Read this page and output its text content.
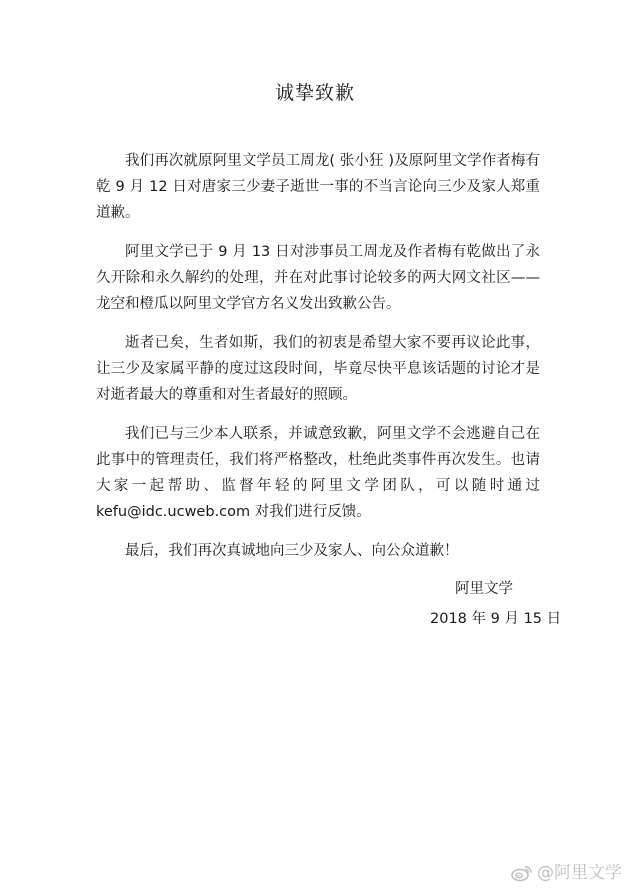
诚挚致歉

我们再次就原阿里文学员工周龙( 张小狂 )及原阿里文学作者梅有乾 9 月 12 日对唐家三少妻子逝世一事的不当言论向三少及家人郑重道歉。

阿里文学已于 9 月 13 日对涉事员工周龙及作者梅有乾做出了永久开除和永久解约的处理，并在对此事讨论较多的两大网文社区——龙空和橙瓜以阿里文学官方名义发出致歉公告。

逝者已矣，生者如斯，我们的初衷是希望大家不要再议论此事，让三少及家属平静的度过这段时间，毕竟尽快平息该话题的讨论才是对逝者最大的尊重和对生者最好的照顾。

我们已与三少本人联系，并诚意致歉，阿里文学不会逃避自己在此事中的管理责任，我们将严格整改，杜绝此类事件再次发生。也请大家一起帮助、监督年轻的阿里文学团队，可以随时通过 kefu@idc.ucweb.com 对我们进行反馈。

最后，我们再次真诚地向三少及家人、向公众道歉！

阿里文学
2018 年 9 月 15 日
@阿里文学
